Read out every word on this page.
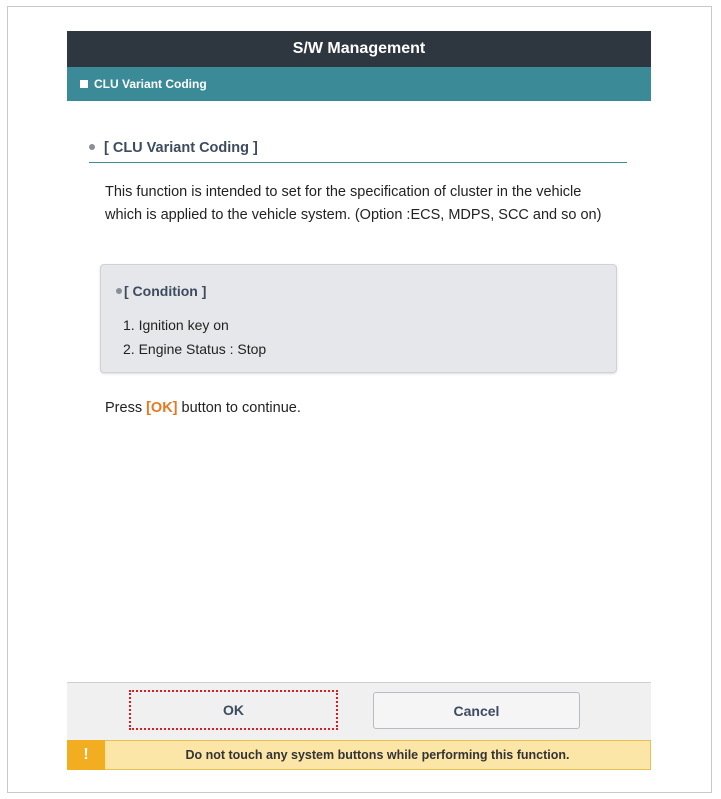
S/W Management
CLU Variant Coding
[ CLU Variant Coding ]
This function is intended to set for the specification of cluster in the vehicle
which is applied to the vehicle system. (Option :ECS, MDPS, SCC and so on)
[ Condition ]
1. Ignition key on
2. Engine Status : Stop
Press [OK] button to continue.
OK	Cancel
!	Do not touch any system buttons while performing this function.
